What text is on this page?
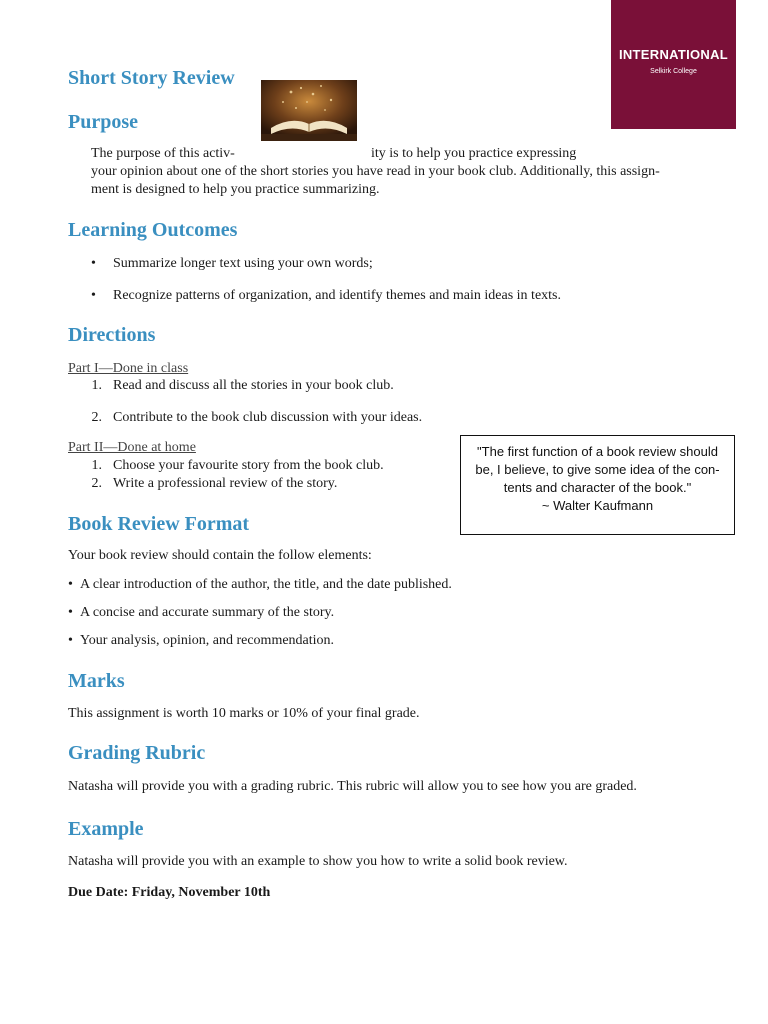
INTERNATIONAL
Selkirk College
Short Story Review
Purpose
The purpose of this activ-	ity is to help you practice expressing
your opinion about one of the short stories you have read in your book club. Additionally, this assign-
ment is designed to help you practice summarizing.
Learning Outcomes
• Summarize longer text using your own words;
• Recognize patterns of organization, and identify themes and main ideas in texts.
Directions
Part I—Done in class
1. Read and discuss all the stories in your book club.
2. Contribute to the book club discussion with your ideas.
Part II—Done at home
1. Choose your favourite story from the book club.
2. Write a professional review of the story.
"The first function of a book review should
be, I believe, to give some idea of the con-
tents and character of the book."
~ Walter Kaufmann
Book Review Format
Your book review should contain the follow elements:
• A clear introduction of the author, the title, and the date published.
• A concise and accurate summary of the story.
• Your analysis, opinion, and recommendation.
Marks
This assignment is worth 10 marks or 10% of your final grade.
Grading Rubric
Natasha will provide you with a grading rubric. This rubric will allow you to see how you are graded.
Example
Natasha will provide you with an example to show you how to write a solid book review.
Due Date: Friday, November 10th
